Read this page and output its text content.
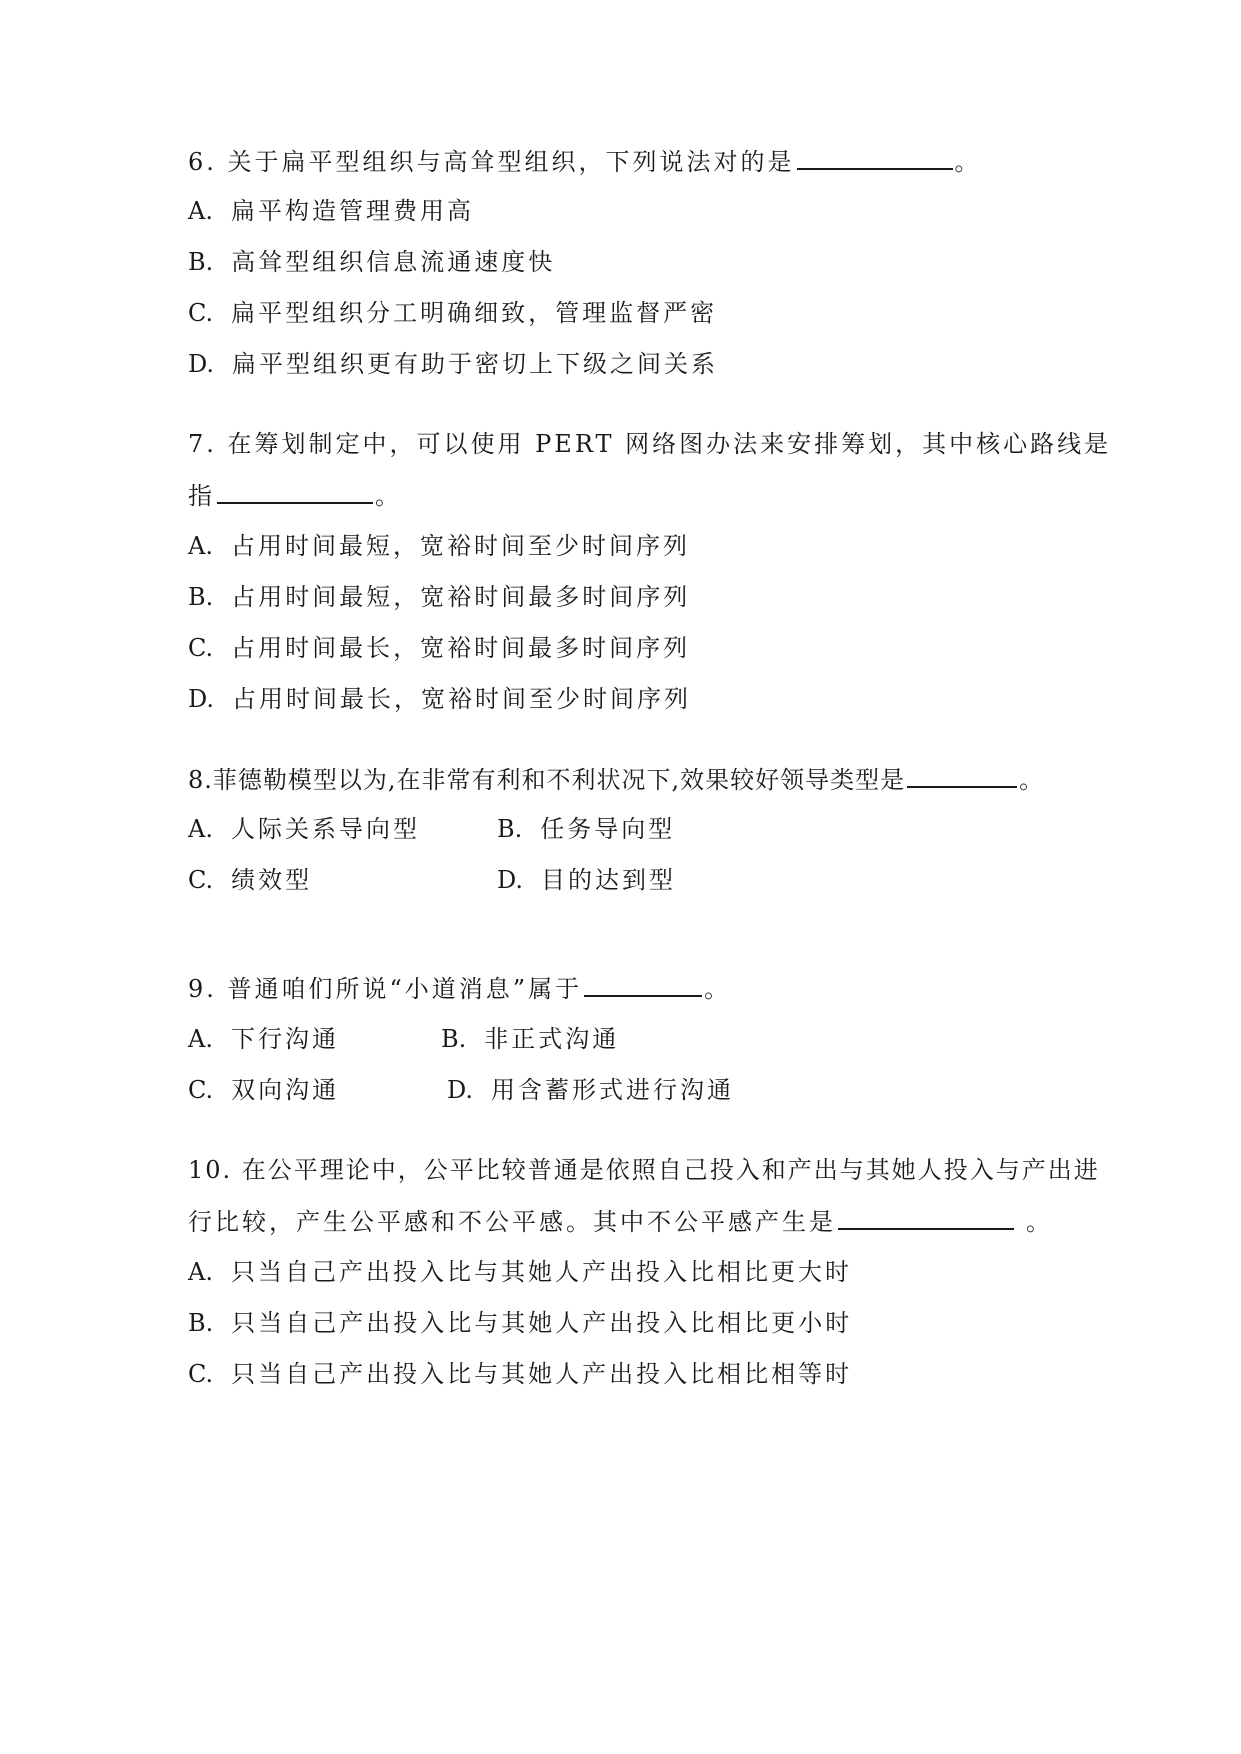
6. 关于扁平型组织与高耸型组织，下列说法对的是	。
A. 扁平构造管理费用高
B. 高耸型组织信息流通速度快
C. 扁平型组织分工明确细致，管理监督严密
D. 扁平型组织更有助于密切上下级之间关系
7. 在筹划制定中，可以使用 PERT 网络图办法来安排筹划，其中核心路线是
指	。
A. 占用时间最短，宽裕时间至少时间序列
B. 占用时间最短，宽裕时间最多时间序列
C. 占用时间最长，宽裕时间最多时间序列
D. 占用时间最长，宽裕时间至少时间序列
8.菲德勒模型以为,在非常有利和不利状况下,效果较好领导类型是	。
A. 人际关系导向型	B. 任务导向型
C. 绩效型	D. 目的达到型
9. 普通咱们所说“小道消息”属于	。
A. 下行沟通	B. 非正式沟通
C. 双向沟通	D. 用含蓄形式进行沟通
10. 在公平理论中，公平比较普通是依照自己投入和产出与其她人投入与产出进
行比较，产生公平感和不公平感。其中不公平感产生是	。
A. 只当自己产出投入比与其她人产出投入比相比更大时
B. 只当自己产出投入比与其她人产出投入比相比更小时
C. 只当自己产出投入比与其她人产出投入比相比相等时
